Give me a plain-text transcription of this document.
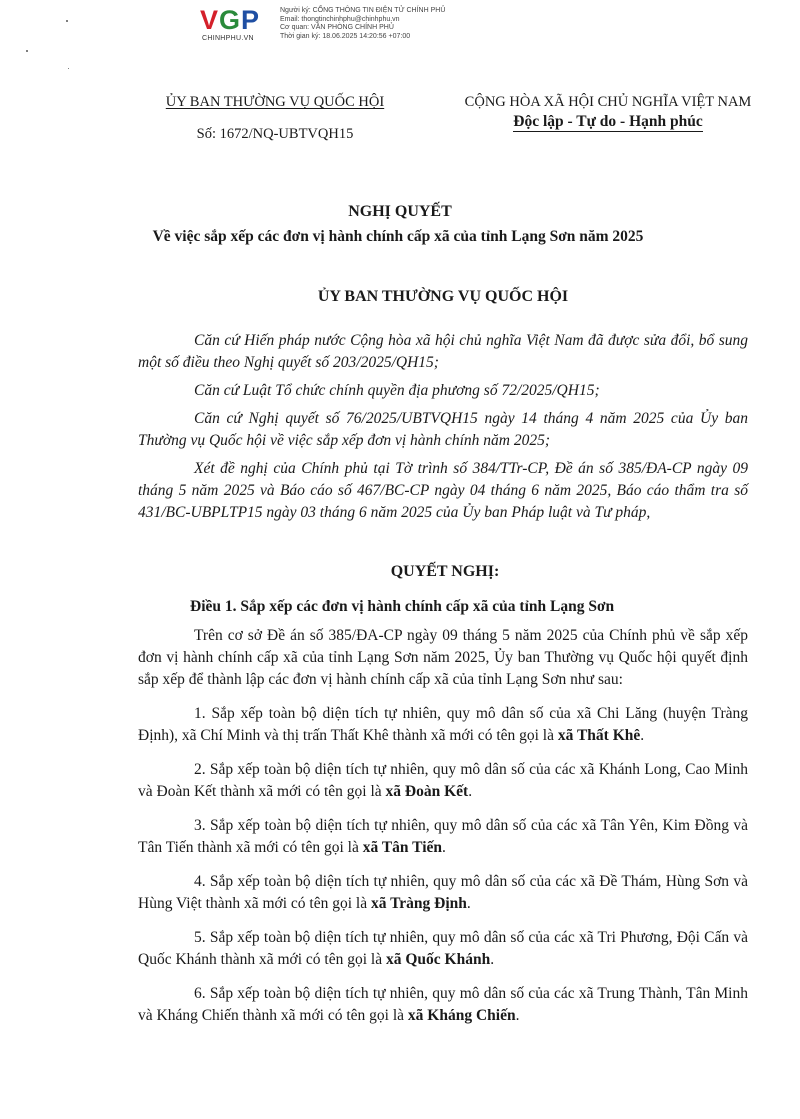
VGP
CHINHPHU.VN
Người ký: CỔNG THÔNG TIN ĐIỆN TỬ CHÍNH PHỦ
Email: thongtinchinhphu@chinhphu.vn
Cơ quan: VĂN PHÒNG CHÍNH PHỦ
Thời gian ký: 18.06.2025 14:20:56 +07:00
ỦY BAN THƯỜNG VỤ QUỐC HỘI
Số: 1672/NQ-UBTVQH15
CỘNG HÒA XÃ HỘI CHỦ NGHĨA VIỆT NAM
Độc lập - Tự do - Hạnh phúc
NGHỊ QUYẾT
Về việc sắp xếp các đơn vị hành chính cấp xã của tỉnh Lạng Sơn năm 2025
ỦY BAN THƯỜNG VỤ QUỐC HỘI

Căn cứ Hiến pháp nước Cộng hòa xã hội chủ nghĩa Việt Nam đã được sửa đổi, bổ sung một số điều theo Nghị quyết số 203/2025/QH15;

Căn cứ Luật Tổ chức chính quyền địa phương số 72/2025/QH15;

Căn cứ Nghị quyết số 76/2025/UBTVQH15 ngày 14 tháng 4 năm 2025 của Ủy ban Thường vụ Quốc hội về việc sắp xếp đơn vị hành chính năm 2025;

Xét đề nghị của Chính phủ tại Tờ trình số 384/TTr-CP, Đề án số 385/ĐA-CP ngày 09 tháng 5 năm 2025 và Báo cáo số 467/BC-CP ngày 04 tháng 6 năm 2025, Báo cáo thẩm tra số 431/BC-UBPLTP15 ngày 03 tháng 6 năm 2025 của Ủy ban Pháp luật và Tư pháp,

QUYẾT NGHỊ:
Điều 1. Sắp xếp các đơn vị hành chính cấp xã của tỉnh Lạng Sơn

Trên cơ sở Đề án số 385/ĐA-CP ngày 09 tháng 5 năm 2025 của Chính phủ về sắp xếp đơn vị hành chính cấp xã của tỉnh Lạng Sơn năm 2025, Ủy ban Thường vụ Quốc hội quyết định sắp xếp để thành lập các đơn vị hành chính cấp xã của tỉnh Lạng Sơn như sau:

1. Sắp xếp toàn bộ diện tích tự nhiên, quy mô dân số của xã Chi Lăng (huyện Tràng Định), xã Chí Minh và thị trấn Thất Khê thành xã mới có tên gọi là xã Thất Khê.

2. Sắp xếp toàn bộ diện tích tự nhiên, quy mô dân số của các xã Khánh Long, Cao Minh và Đoàn Kết thành xã mới có tên gọi là xã Đoàn Kết.

3. Sắp xếp toàn bộ diện tích tự nhiên, quy mô dân số của các xã Tân Yên, Kim Đồng và Tân Tiến thành xã mới có tên gọi là xã Tân Tiến.

4. Sắp xếp toàn bộ diện tích tự nhiên, quy mô dân số của các xã Đề Thám, Hùng Sơn và Hùng Việt thành xã mới có tên gọi là xã Tràng Định.

5. Sắp xếp toàn bộ diện tích tự nhiên, quy mô dân số của các xã Tri Phương, Đội Cấn và Quốc Khánh thành xã mới có tên gọi là xã Quốc Khánh.

6. Sắp xếp toàn bộ diện tích tự nhiên, quy mô dân số của các xã Trung Thành, Tân Minh và Kháng Chiến thành xã mới có tên gọi là xã Kháng Chiến.
